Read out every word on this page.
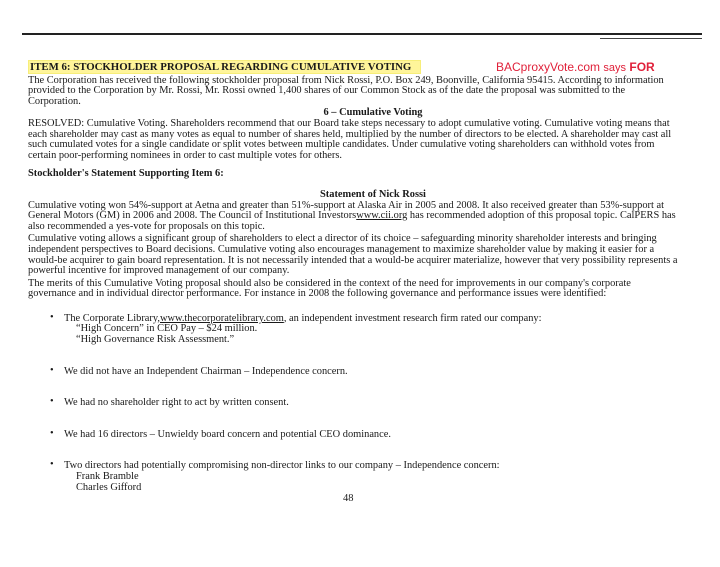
BACproxyVote.com says FOR
ITEM 6: STOCKHOLDER PROPOSAL REGARDING CUMULATIVE VOTING

The Corporation has received the following stockholder proposal from Nick Rossi, P.O. Box 249, Boonville, California 95415. According to information provided to the Corporation by Mr. Rossi, Mr. Rossi owned 1,400 shares of our Common Stock as of the date the proposal was submitted to the Corporation.

6 – Cumulative Voting

RESOLVED: Cumulative Voting. Shareholders recommend that our Board take steps necessary to adopt cumulative voting. Cumulative voting means that each shareholder may cast as many votes as equal to number of shares held, multiplied by the number of directors to be elected. A shareholder may cast all such cumulated votes for a single candidate or split votes between multiple candidates. Under cumulative voting shareholders can withhold votes from certain poor-performing nominees in order to cast multiple votes for others.

Stockholder's Statement Supporting Item 6:

Statement of Nick Rossi

Cumulative voting won 54%-support at Aetna and greater than 51%-support at Alaska Air in 2005 and 2008. It also received greater than 53%-support at General Motors (GM) in 2006 and 2008. The Council of Institutional Investorswww.cii.org has recommended adoption of this proposal topic. CalPERS has also recommended a yes-vote for proposals on this topic.

Cumulative voting allows a significant group of shareholders to elect a director of its choice – safeguarding minority shareholder interests and bringing independent perspectives to Board decisions. Cumulative voting also encourages management to maximize shareholder value by making it easier for a would-be acquirer to gain board representation. It is not necessarily intended that a would-be acquirer materialize, however that very possibility represents a powerful incentive for improved management of our company.

The merits of this Cumulative Voting proposal should also be considered in the context of the need for improvements in our company's corporate governance and in individual director performance. For instance in 2008 the following governance and performance issues were identified:

• The Corporate Library,www.thecorporatelibrary.com, an independent investment research firm rated our company:
“High Concern” in CEO Pay – $24 million.
“High Governance Risk Assessment.”
• We did not have an Independent Chairman – Independence concern.
• We had no shareholder right to act by written consent.
• We had 16 directors – Unwieldy board concern and potential CEO dominance.
• Two directors had potentially compromising non-director links to our company – Independence concern:
Frank Bramble
Charles Gifford
48
